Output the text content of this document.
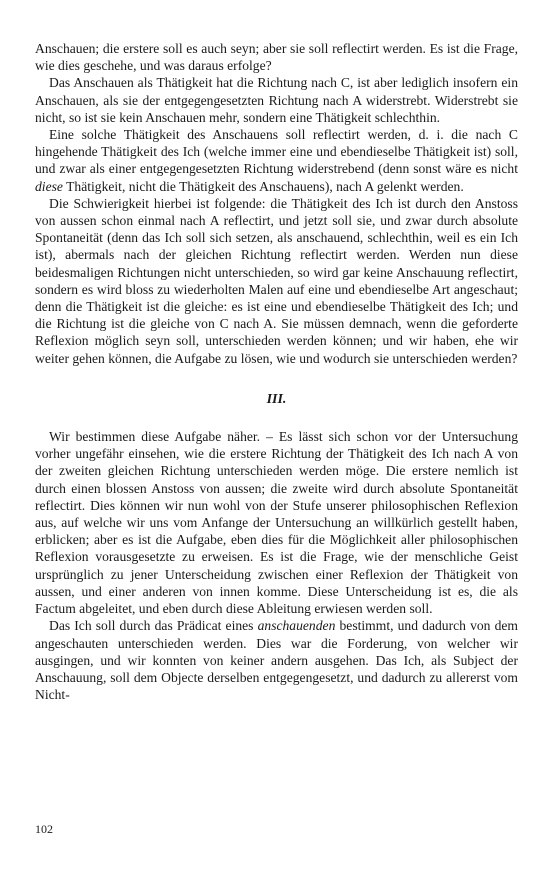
Anschauen; die erstere soll es auch seyn; aber sie soll reflectirt werden. Es ist die Frage, wie dies geschehe, und was daraus erfolge?

Das Anschauen als Thätigkeit hat die Richtung nach C, ist aber lediglich insofern ein Anschauen, als sie der entgegengesetzten Richtung nach A widerstrebt. Widerstrebt sie nicht, so ist sie kein Anschauen mehr, sondern eine Thätigkeit schlechthin.

Eine solche Thätigkeit des Anschauens soll reflectirt werden, d. i. die nach C hingehende Thätigkeit des Ich (welche immer eine und ebendieselbe Thätigkeit ist) soll, und zwar als einer entgegengesetzten Richtung widerstrebend (denn sonst wäre es nicht diese Thätigkeit, nicht die Thätigkeit des Anschauens), nach A gelenkt werden.

Die Schwierigkeit hierbei ist folgende: die Thätigkeit des Ich ist durch den Anstoss von aussen schon einmal nach A reflectirt, und jetzt soll sie, und zwar durch absolute Spontaneität (denn das Ich soll sich setzen, als anschauend, schlechthin, weil es ein Ich ist), abermals nach der gleichen Richtung reflectirt werden. Werden nun diese beidesmaligen Richtungen nicht unterschieden, so wird gar keine Anschauung reflectirt, sondern es wird bloss zu wiederholten Malen auf eine und ebendieselbe Art angeschaut; denn die Thätigkeit ist die gleiche: es ist eine und ebendieselbe Thätigkeit des Ich; und die Richtung ist die gleiche von C nach A. Sie müssen demnach, wenn die geforderte Reflexion möglich seyn soll, unterschieden werden können; und wir haben, ehe wir weiter gehen können, die Aufgabe zu lösen, wie und wodurch sie unterschieden werden?

III.

Wir bestimmen diese Aufgabe näher. – Es lässt sich schon vor der Untersuchung vorher ungefähr einsehen, wie die erstere Richtung der Thätigkeit des Ich nach A von der zweiten gleichen Richtung unterschieden werden möge. Die erstere nemlich ist durch einen blossen Anstoss von aussen; die zweite wird durch absolute Spontaneität reflectirt. Dies können wir nun wohl von der Stufe unserer philosophischen Reflexion aus, auf welche wir uns vom Anfange der Untersuchung an willkürlich gestellt haben, erblicken; aber es ist die Aufgabe, eben dies für die Möglichkeit aller philosophischen Reflexion vorausgesetzte zu erweisen. Es ist die Frage, wie der menschliche Geist ursprünglich zu jener Unterscheidung zwischen einer Reflexion der Thätigkeit von aussen, und einer anderen von innen komme. Diese Unterscheidung ist es, die als Factum abgeleitet, und eben durch diese Ableitung erwiesen werden soll.

Das Ich soll durch das Prädicat eines anschauenden bestimmt, und dadurch von dem angeschauten unterschieden werden. Dies war die Forderung, von welcher wir ausgingen, und wir konnten von keiner andern ausgehen. Das Ich, als Subject der Anschauung, soll dem Objecte derselben entgegengesetzt, und dadurch zu allererst vom Nicht-

102
